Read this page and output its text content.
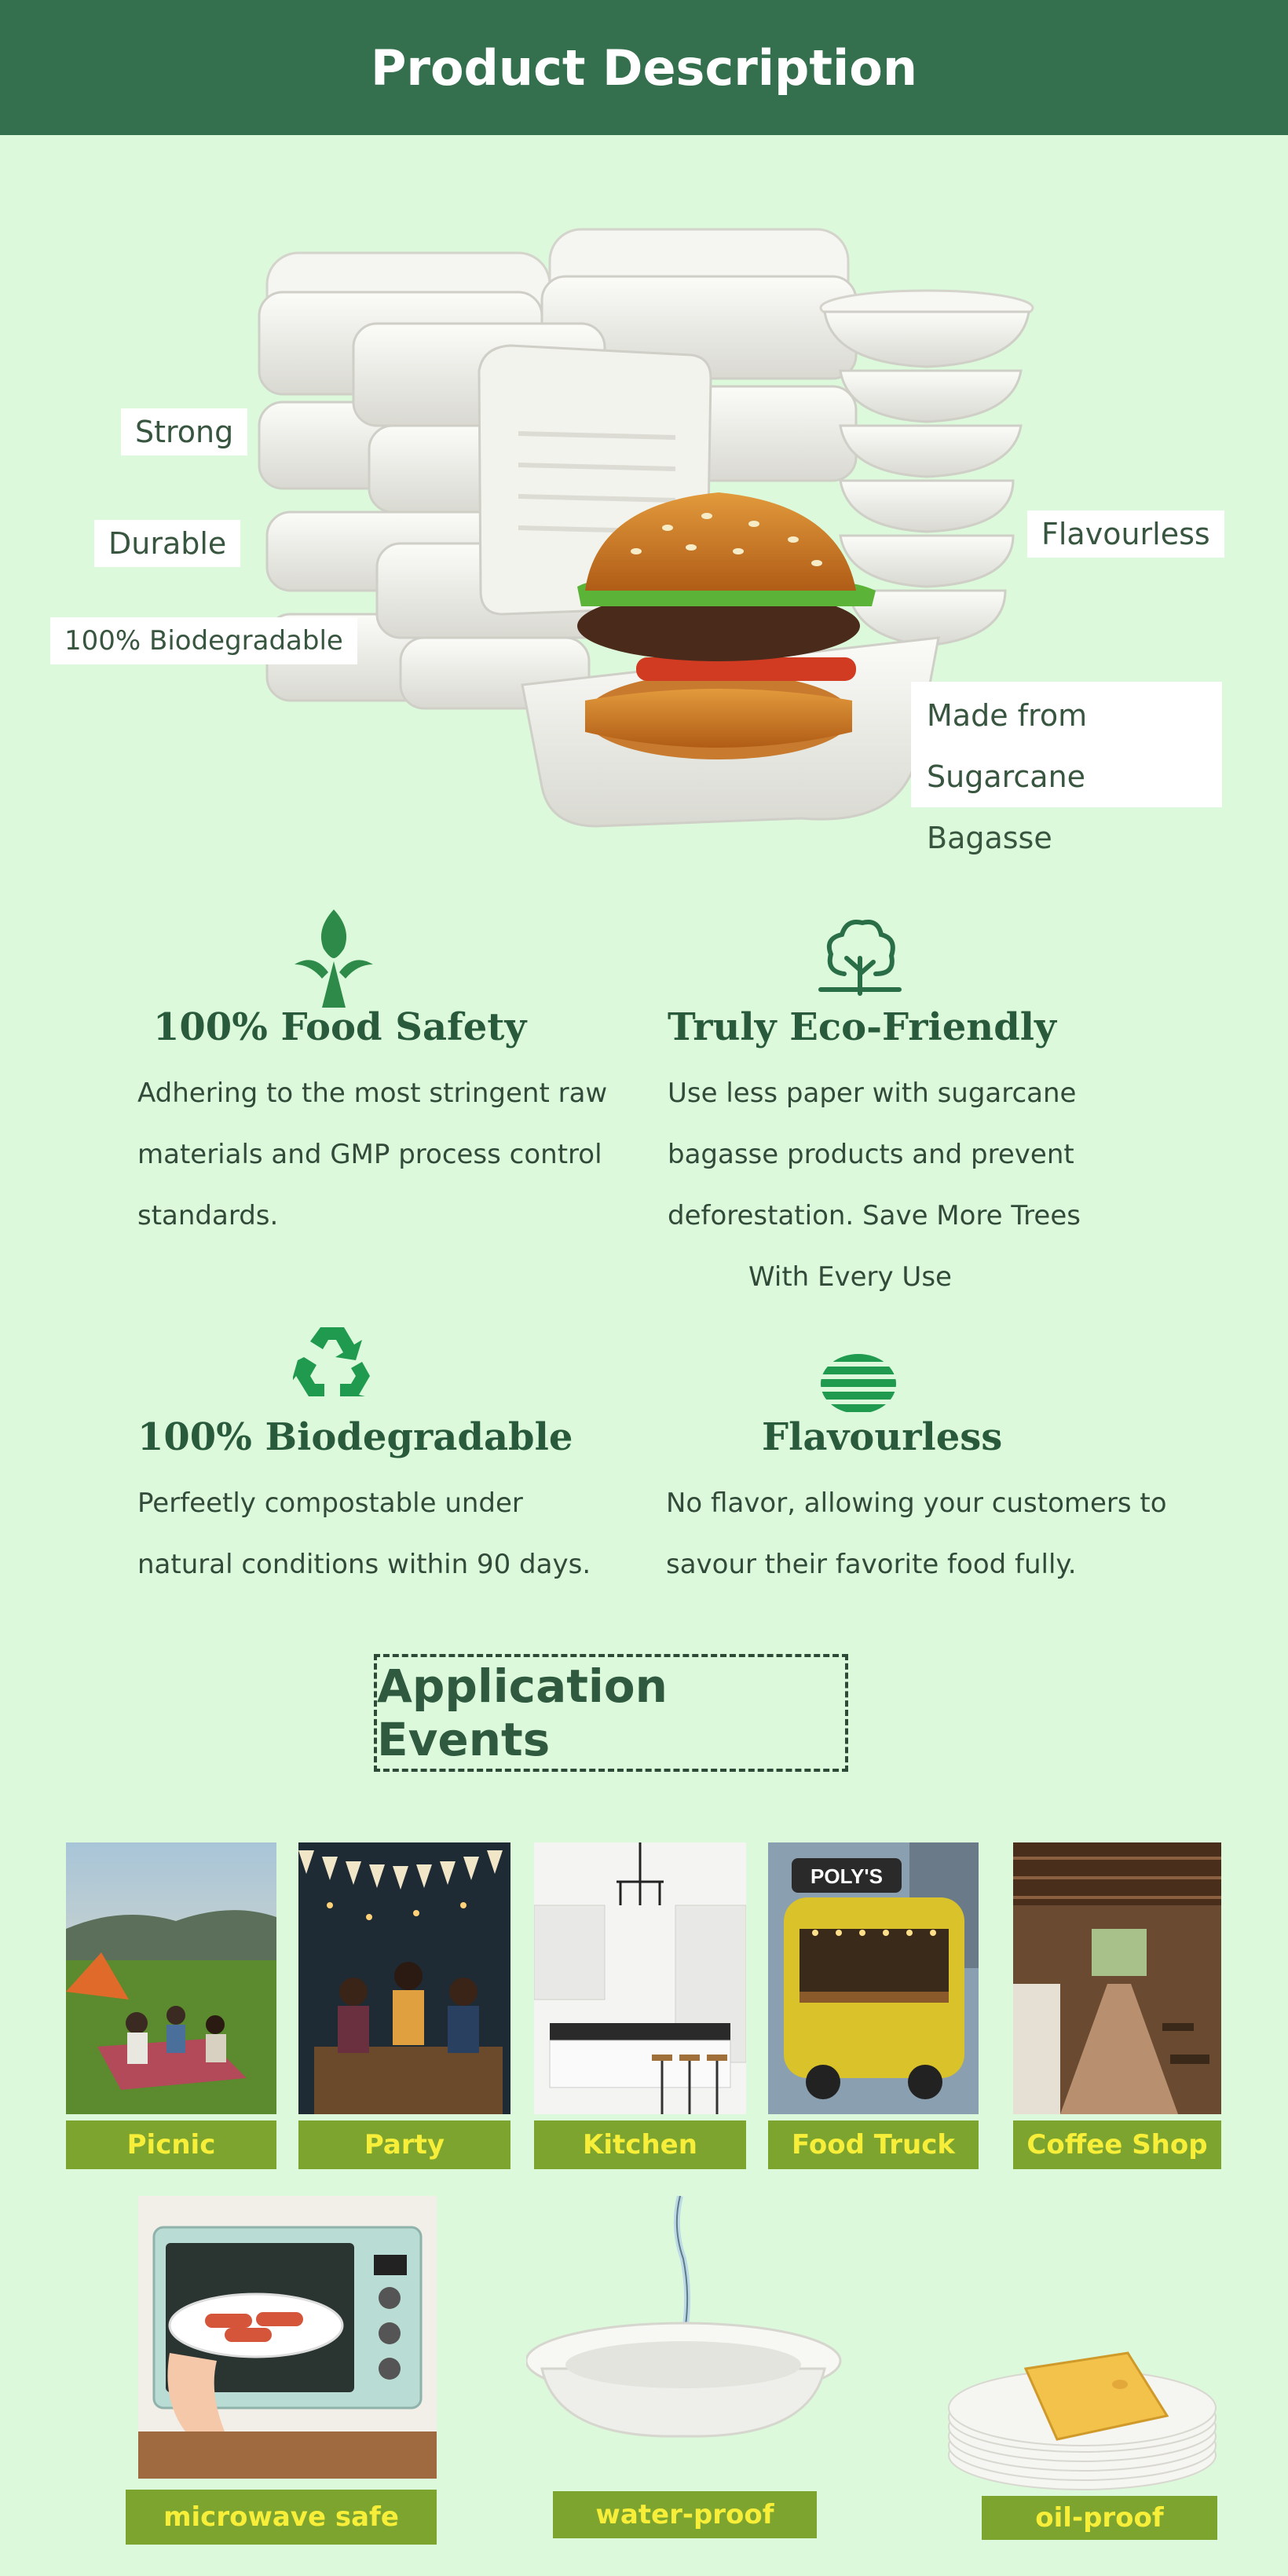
Product Description
Strong
Durable
100% Biodegradable
Flavourless
Made from
Sugarcane Bagasse
100% Food Safety

Adhering to the most stringent raw materials and GMP process control standards.

Truly Eco-Friendly

Use less paper with sugarcane

bagasse products and prevent

deforestation. Save More Trees

With Every Use

100% Biodegradable

Perfeetly compostable under

natural conditions within 90 days.

Flavourless

No flavor, allowing your customers to

savour their favorite food fully.

Application Events
Picnic	Party	Kitchen
POLY'S
Food Truck	Coffee Shop
microwave safe	water-proof	oil-proof
